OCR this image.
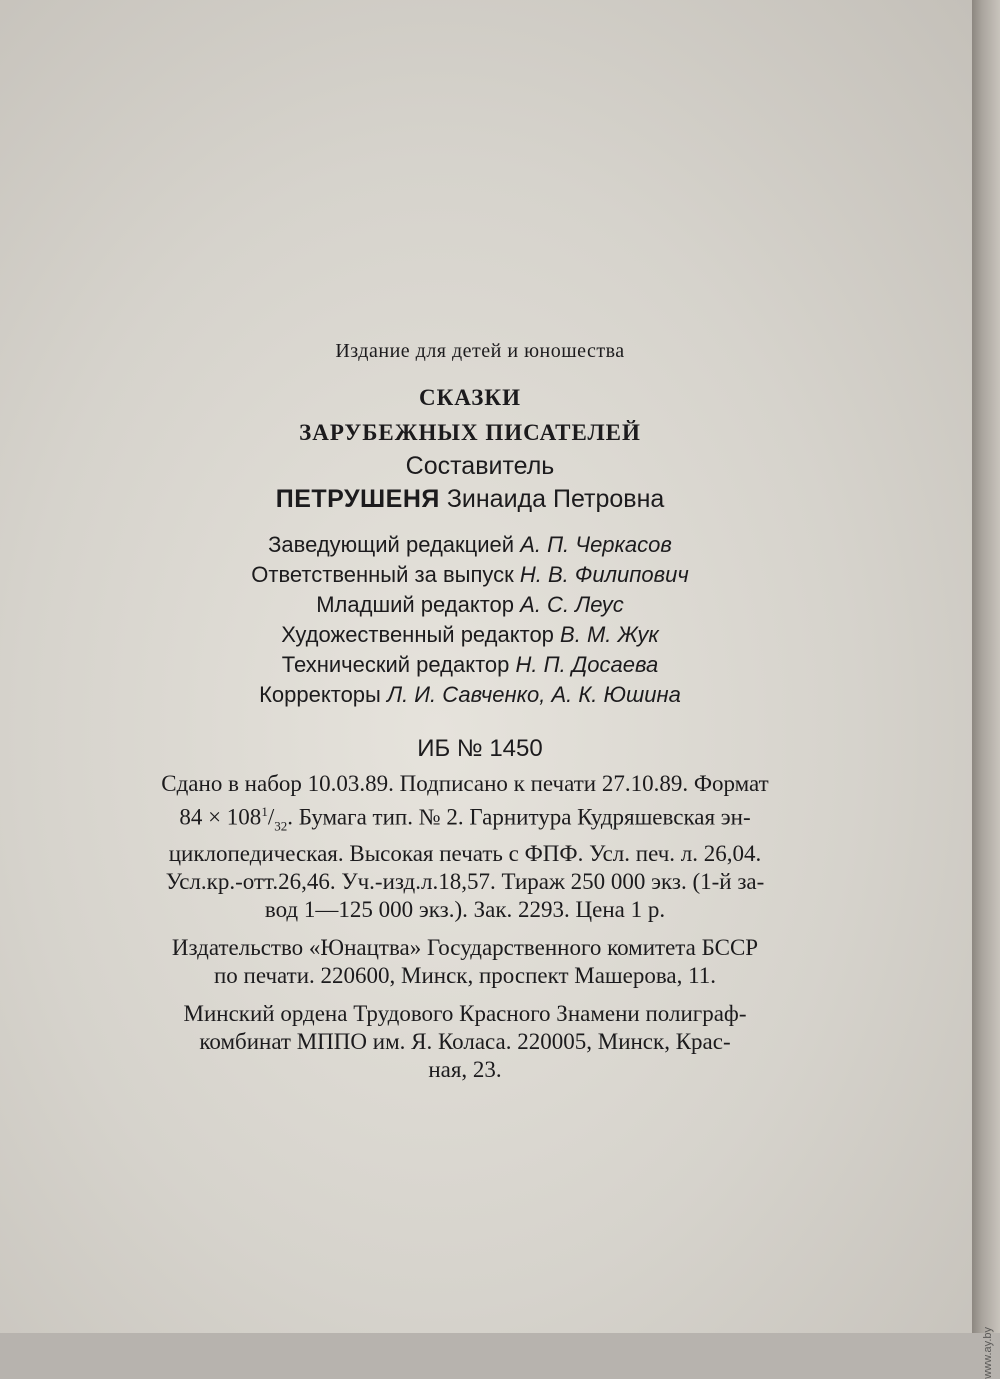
Издание для детей и юношества
СКАЗКИ
ЗАРУБЕЖНЫХ ПИСАТЕЛЕЙ
Составитель
ПЕТРУШЕНЯ Зинаида Петровна
Заведующий редакцией А. П. Черкасов
Ответственный за выпуск Н. В. Филипович
Младший редактор А. С. Леус
Художественный редактор В. М. Жук
Технический редактор Н. П. Досаева
Корректоры Л. И. Савченко, А. К. Юшина
ИБ № 1450
Сдано в набор 10.03.89. Подписано к печати 27.10.89. Формат
$84 \times 108^1/_{32}$. Бумага тип. № 2. Гарнитура Кудряшевская эн-
циклопедическая. Высокая печать с ФПФ. Усл. печ. л. 26,04.
Усл.кр.-отт.26,46. Уч.-изд.л.18,57. Тираж 250 000 экз. (1-й за-
вод 1—125 000 экз.). Зак. 2293. Цена 1 р.
Издательство «Юнацтва» Государственного комитета БССР
по печати. 220600, Минск, проспект Машерова, 11.
Минский ордена Трудового Красного Знамени полиграф-
комбинат МППО им. Я. Коласа. 220005, Минск, Крас-
ная, 23.
www.ay.by
